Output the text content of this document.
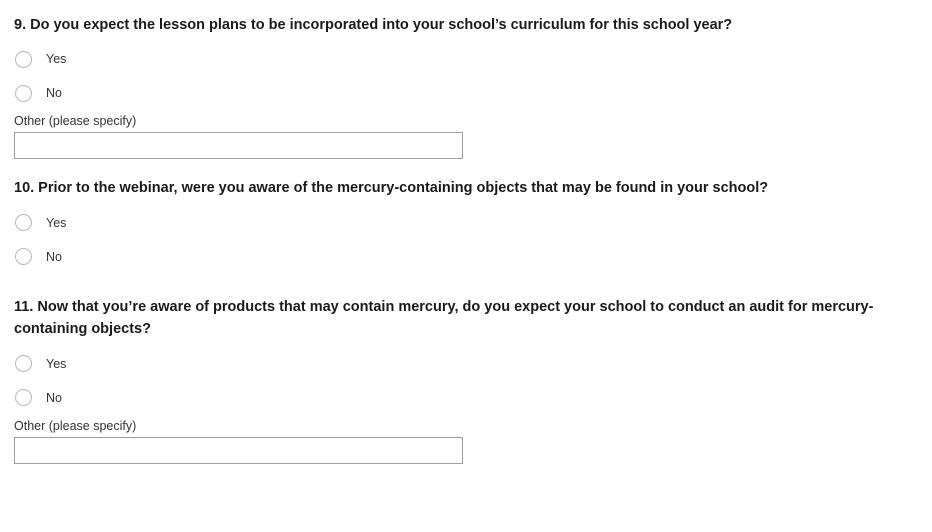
9. Do you expect the lesson plans to be incorporated into your school’s curriculum for this school year?

Yes
No
Other (please specify)

10. Prior to the webinar, were you aware of the mercury-containing objects that may be found in your school?

Yes
No

11. Now that you’re aware of products that may contain mercury, do you expect your school to conduct an audit for mercury-containing objects?

Yes
No
Other (please specify)
